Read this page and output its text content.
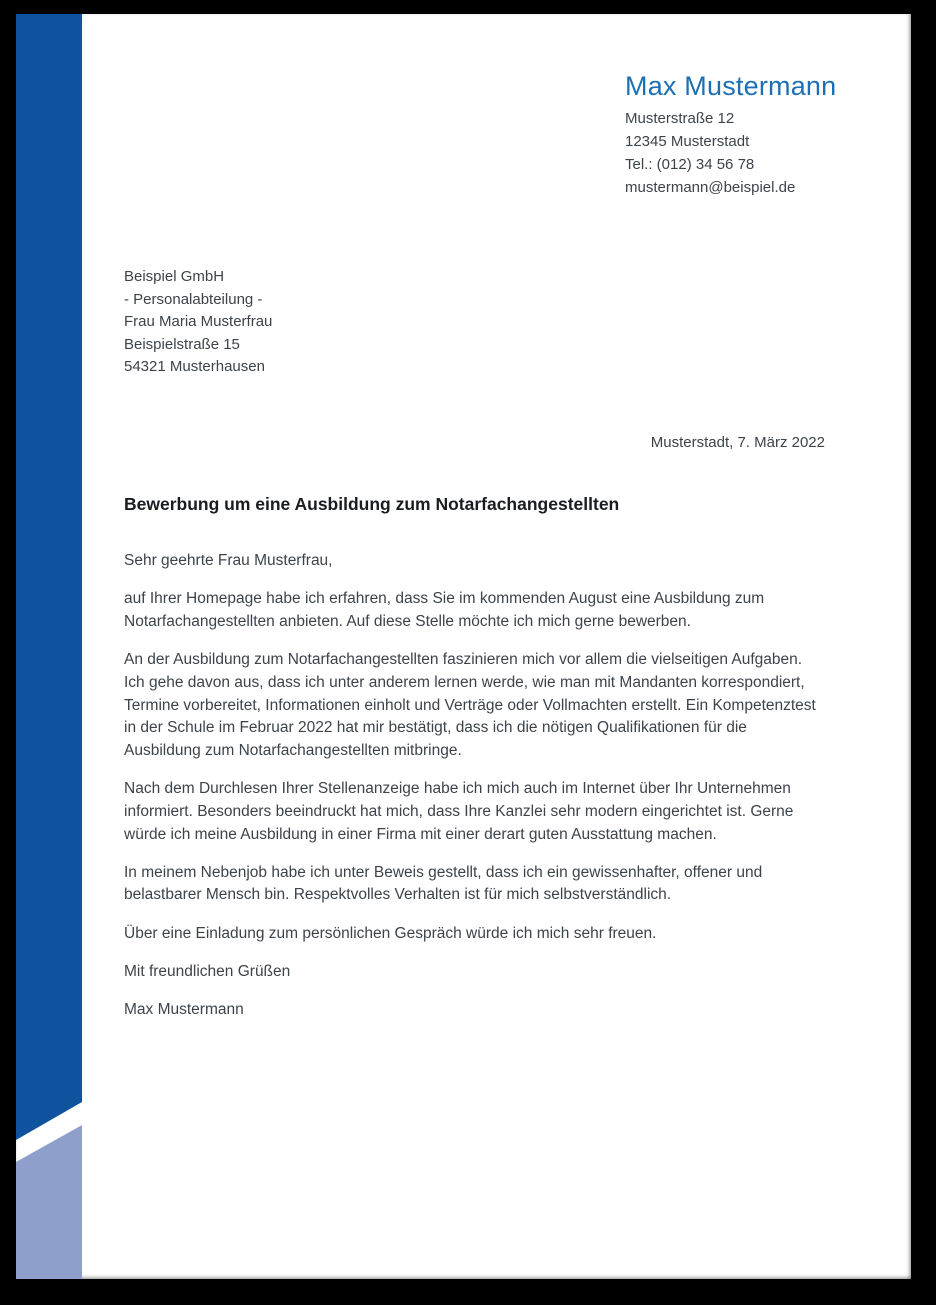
Max Mustermann
Musterstraße 12
12345 Musterstadt
Tel.: (012) 34 56 78
mustermann@beispiel.de
Beispiel GmbH
- Personalabteilung -
Frau Maria Musterfrau
Beispielstraße 15
54321 Musterhausen
Musterstadt, 7. März 2022
Bewerbung um eine Ausbildung zum Notarfachangestellten

Sehr geehrte Frau Musterfrau,

auf Ihrer Homepage habe ich erfahren, dass Sie im kommenden August eine Ausbildung zum Notarfachangestellten anbieten. Auf diese Stelle möchte ich mich gerne bewerben.

An der Ausbildung zum Notarfachangestellten faszinieren mich vor allem die vielseitigen Aufgaben. Ich gehe davon aus, dass ich unter anderem lernen werde, wie man mit Mandanten korrespondiert, Termine vorbereitet, Informationen einholt und Verträge oder Vollmachten erstellt. Ein Kompetenztest in der Schule im Februar 2022 hat mir bestätigt, dass ich die nötigen Qualifikationen für die Ausbildung zum Notarfachangestellten mitbringe.

Nach dem Durchlesen Ihrer Stellenanzeige habe ich mich auch im Internet über Ihr Unternehmen informiert. Besonders beeindruckt hat mich, dass Ihre Kanzlei sehr modern eingerichtet ist. Gerne würde ich meine Ausbildung in einer Firma mit einer derart guten Ausstattung machen.

In meinem Nebenjob habe ich unter Beweis gestellt, dass ich ein gewissenhafter, offener und belastbarer Mensch bin. Respektvolles Verhalten ist für mich selbstverständlich.

Über eine Einladung zum persönlichen Gespräch würde ich mich sehr freuen.

Mit freundlichen Grüßen

Max Mustermann
